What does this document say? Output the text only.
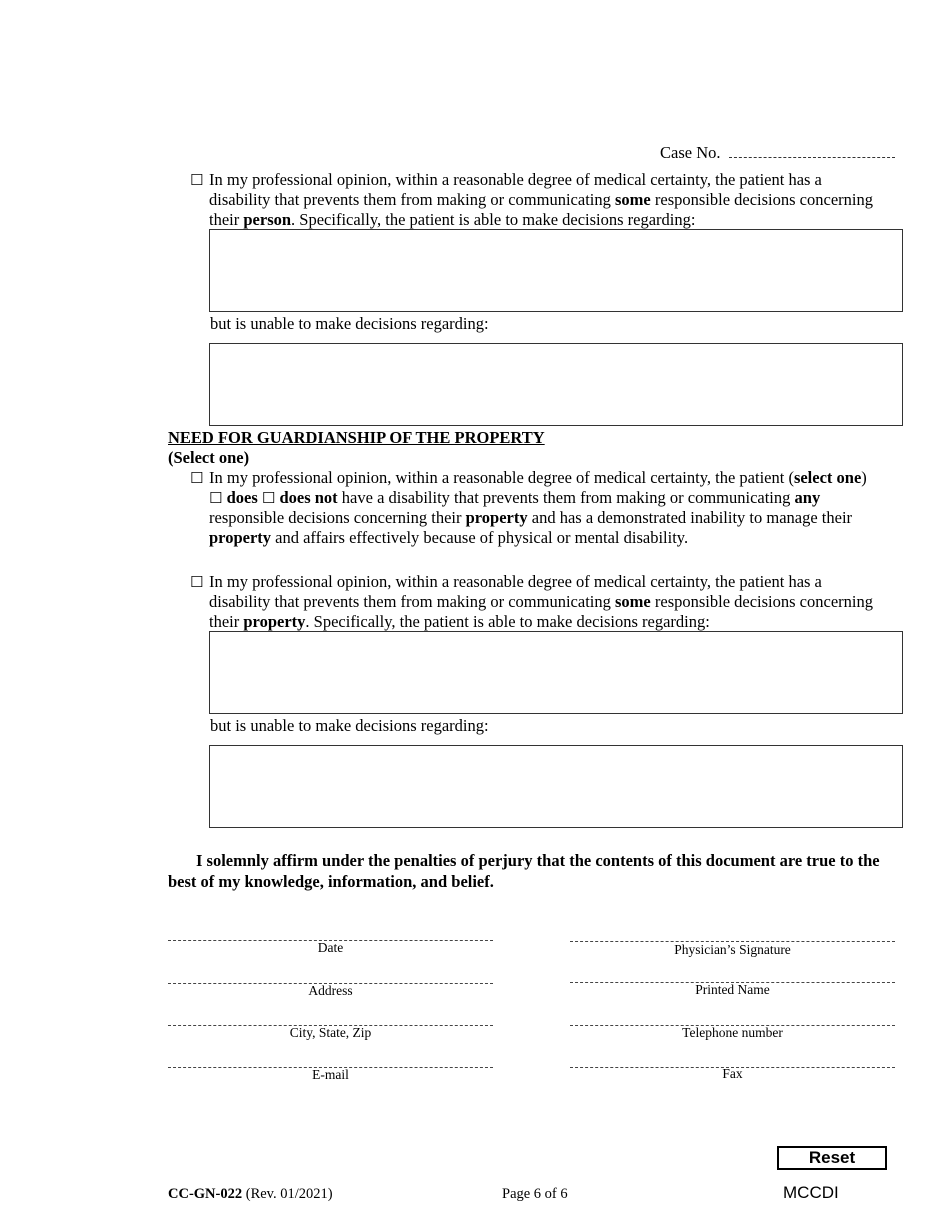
Case No.
☐ In my professional opinion, within a reasonable degree of medical certainty, the patient has a
disability that prevents them from making or communicating some responsible decisions concerning
their person. Specifically, the patient is able to make decisions regarding:
but is unable to make decisions regarding:
NEED FOR GUARDIANSHIP OF THE PROPERTY
(Select one)
☐ In my professional opinion, within a reasonable degree of medical certainty, the patient (select one)
☐ does ☐ does not have a disability that prevents them from making or communicating any
responsible decisions concerning their property and has a demonstrated inability to manage their
property and affairs effectively because of physical or mental disability.
☐ In my professional opinion, within a reasonable degree of medical certainty, the patient has a
disability that prevents them from making or communicating some responsible decisions concerning
their property. Specifically, the patient is able to make decisions regarding:
but is unable to make decisions regarding:
I solemnly affirm under the penalties of perjury that the contents of this document are true to the best of my knowledge, information, and belief.
Date
Address
City, State, Zip
E-mail
Physician’s Signature
Printed Name
Telephone number
Fax
Reset
CC-GN-022 (Rev. 01/2021)	Page 6 of 6	MCCDI
